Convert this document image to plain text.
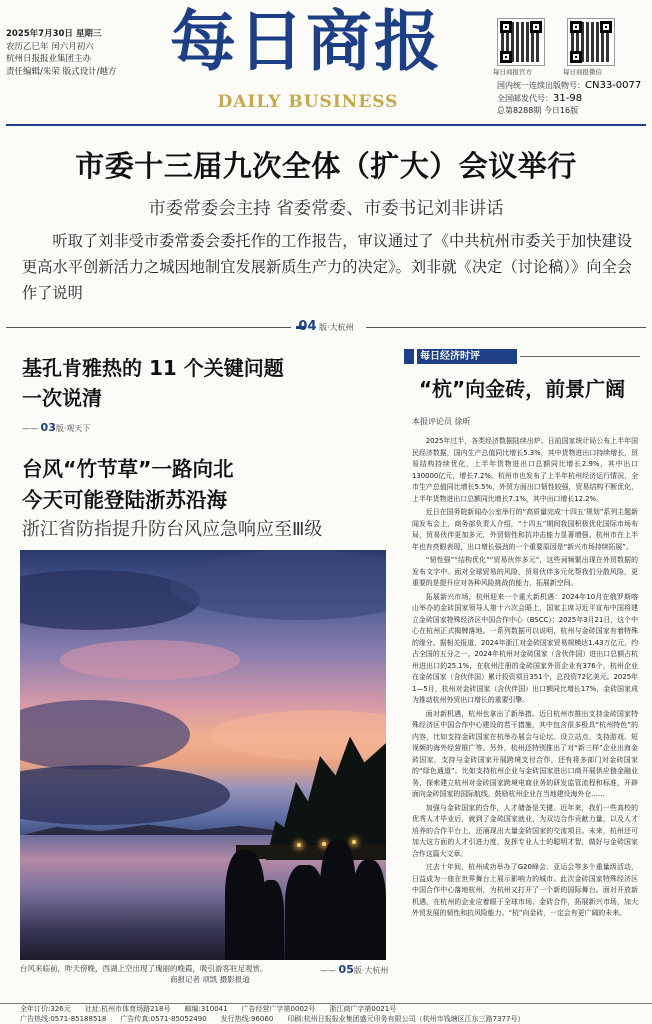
2025年7月30日 星期三
农历乙巳年 闰六月初六
杭州日报报业集团主办
责任编辑/朱荣 版式设计/越方 每日商报
DAILY BUSINESS
每日商报官方	每日商报微信
国内统一连续出版物号：CN33-0077
全国邮发代号：31-98
总第8288期 今日16版
市委十三届九次全体（扩大）会议举行
市委常委会主持 省委常委、市委书记刘非讲话
听取了刘非受市委常委会委托作的工作报告，审议通过了《中共杭州市委关于加快建设更高水平创新活力之城因地制宜发展新质生产力的决定》。刘非就《决定（讨论稿）》向全会作了说明
04 版·大杭州
基孔肯雅热的 11 个关键问题
一次说清
—— 03版·观天下
台风“竹节草”一路向北
今天可能登陆浙苏沿海
浙江省防指提升防台风应急响应至Ⅲ级
台风来临前，昨天傍晚，西湖上空出现了瑰丽的晚霞，吸引游客驻足观赏。
商报记者 项凯 摄影报道
—— 05版·大杭州
每日经济时评
“杭”向金砖，前景广阔
本报评论员 徐昕

2025年过半，各类经济数据陆续出炉。日前国家统计局公布上半年国民经济数据，国内生产总值同比增长5.3%，其中货物进出口持续增长，贸易结构持续优化，上半年货物进出口总额同比增长2.9%，其中出口130000亿元，增长7.2%。杭州市也发布了上半年杭州经济运行情况，全市生产总值同比增长5.5%，外贸方面出口韧性较强，贸易结构不断优化，上半年货物进出口总额同比增长7.1%，其中出口增长12.2%。

近日在国务院新闻办公室举行的“高质量完成‘十四五’规划”系列主题新闻发布会上，商务部负责人介绍，“十四五”期间我国积极优化国际市场布局，贸易伙伴更加多元，外贸韧性和抗冲击能力显著增强。杭州市在上半年也有亮眼表现，出口增长强劲的一个重要原因是“新兴市场持续拓展”。

“韧性强”“结构优化”“贸易伙伴多元”，这些词频繁出现在外贸数据的发布文字中。面对全球贸易的风险，贸易伙伴多元化帮我们分散风险，更重要的是提升应对各种风险挑战的能力，拓展新空间。

拓展新兴市场，杭州迎来一个重大新机遇：2024年10月在俄罗斯喀山举办的金砖国家领导人第十六次会晤上，国家主席习近平宣布中国将建立金砖国家特殊经济区中国合作中心（BSCC）；2025年3月21日，这个中心在杭州正式揭牌落地。一系列数据可以说明，杭州与金砖国家有着特殊的缘分。据相关报道，2024年浙江对金砖国家贸易规模达1.43万亿元，约占全国的五分之一。2024年杭州对金砖国家（含伙伴国）进出口总额占杭州进出口的25.1%，在杭州注册的金砖国家外资企业有376个，杭州企业在金砖国家（含伙伴国）累计投资项目351个，总投资72亿美元。2025年1—5月，杭州对金砖国家（含伙伴国）出口额同比增长17%，金砖国家成为推动杭州外贸出口增长的重要引擎。

面对新机遇，杭州也拿出了新举措。近日杭州市推出支持金砖国家特殊经济区中国合作中心建设的若干措施，其中包含很多极具“杭州特色”的内容，比如支持金砖国家在杭举办展会与论坛、设立站点，支持游戏、短视频的海外经营推广等。另外，杭州还特别推出了对“新三样”企业出海金砖国家，支持与金砖国家开展跨境支付合作，还有将多部门对金砖国家的“绿色通道”。比如支持杭州企业与金砖国家进出口商开展供应链金融业务，探索建立杭州对金砖国家跨境电商业务的研发监管流程和标准，开辟面向金砖国家的国际航线，鼓励杭州企业在当地建设海外仓……

加强与金砖国家的合作，人才储备是关键。近年来，我们一些高校的优秀人才毕业后，就到了金砖国家就业，为双边合作贡献力量，以及人才培养的合作平台上，还涌现出大量金砖国家的交流项目。未来，杭州还可加大这方面的人才引进力度，发挥专业人士的聪明才智，做好与金砖国家合作这篇大文章。

过去十年间，杭州成功举办了G20峰会、亚运会等多个重量级活动，日益成为一座在世界舞台上展示影响力的城市。此次金砖国家特殊经济区中国合作中心落地杭州，为杭州又打开了一个新的国际舞台。面对开放新机遇，在杭州的企业应着眼于全球市场、金砖合作，拓展新兴市场，加大外贸发展的韧性和抗风险能力。“杭”向金砖，一定会有更广阔的未来。

全年订价:326元 社址:杭州市体育场路218号 邮编:310041 广告经营广字第0002号 浙江商广字第0021号
广告热线:0571-85188518 广告传真:0571-85052490 发行热线:96060 印刷:杭州日报报业集团盛元印务有限公司（杭州市钱塘区江东三路7377号）
